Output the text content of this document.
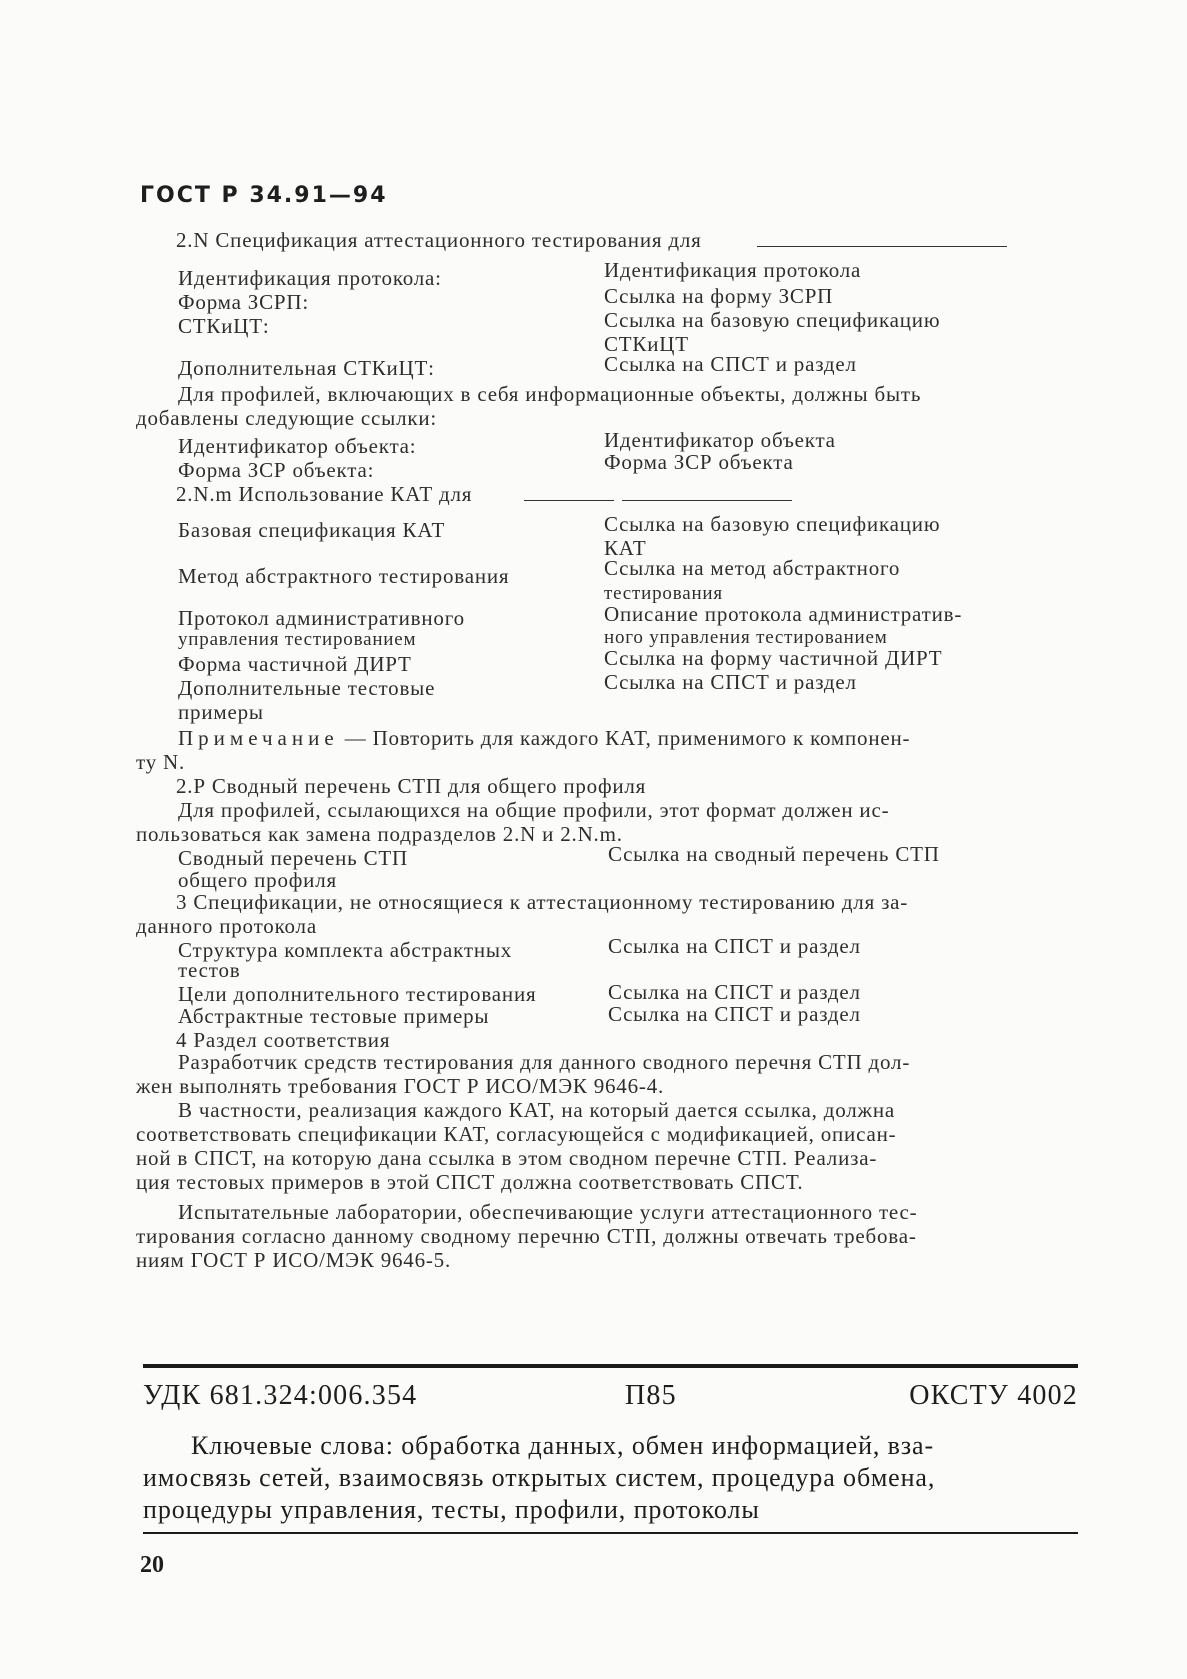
ГОСТ Р 34.91—94
2.N Спецификация аттестационного тестирования для
Идентификация протокола:	Идентификация протокола
Форма ЗСРП:	Ссылка на форму ЗСРП
СТКиЦТ:	Ссылка на базовую спецификацию
СТКиЦТ
Дополнительная СТКиЦТ:	Ссылка на СПСТ и раздел
Для профилей, включающих в себя информационные объекты, должны быть
добавлены следующие ссылки:
Идентификатор объекта:	Идентификатор объекта
Форма ЗСР объекта:	Форма ЗСР объекта
2.N.m Использование КАТ для
Базовая спецификация КАТ	Ссылка на базовую спецификацию
КАТ
Метод абстрактного тестирования	Ссылка на метод абстрактного
тестирования
Протокол административного	Описание протокола административ-
управления тестированием	ного управления тестированием
Форма частичной ДИРТ	Ссылка на форму частичной ДИРТ
Дополнительные тестовые	Ссылка на СПСТ и раздел
примеры
Примечание — Повторить для каждого КАТ, применимого к компонен-
ту N.
2.Р Сводный перечень СТП для общего профиля
Для профилей, ссылающихся на общие профили, этот формат должен ис-
пользоваться как замена подразделов 2.N и 2.N.m.
Сводный перечень СТП	Ссылка на сводный перечень СТП
общего профиля
3 Спецификации, не относящиеся к аттестационному тестированию для за-
данного протокола
Структура комплекта абстрактных	Ссылка на СПСТ и раздел
тестов
Цели дополнительного тестирования	Ссылка на СПСТ и раздел
Абстрактные тестовые примеры	Ссылка на СПСТ и раздел
4 Раздел соответствия
Разработчик средств тестирования для данного сводного перечня СТП дол-
жен выполнять требования ГОСТ Р ИСО/МЭК 9646-4.
В частности, реализация каждого КАТ, на который дается ссылка, должна
соответствовать спецификации КАТ, согласующейся с модификацией, описан-
ной в СПСТ, на которую дана ссылка в этом сводном перечне СТП. Реализа-
ция тестовых примеров в этой СПСТ должна соответствовать СПСТ.
Испытательные лаборатории, обеспечивающие услуги аттестационного тес-
тирования согласно данному сводному перечню СТП, должны отвечать требова-
ниям ГОСТ Р ИСО/МЭК 9646-5.
УДК 681.324:006.354	П85	ОКСТУ 4002
Ключевые слова: обработка данных, обмен информацией, вза-
имосвязь сетей, взаимосвязь открытых систем, процедура обмена,
процедуры управления, тесты, профили, протоколы
20
